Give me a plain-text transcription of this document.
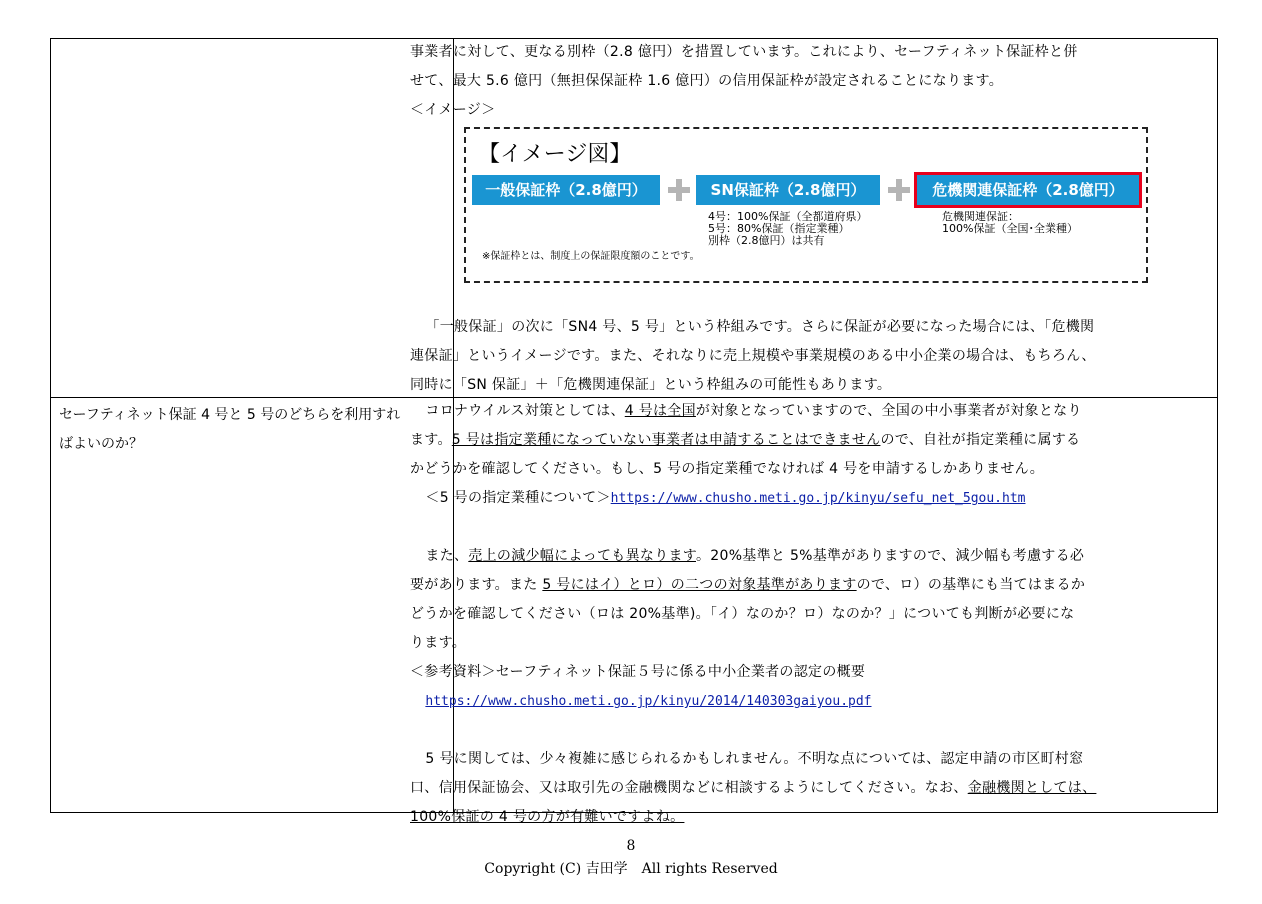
セーフティネット保証 4 号と 5 号のどちらを利用すれ

ばよいのか？

事業者に対して、更なる別枠（2.8 億円）を措置しています。これにより、セーフティネット保証枠と併

せて、最大 5.6 億円（無担保保証枠 1.6 億円）の信用保証枠が設定されることになります。

＜イメージ＞

【イメージ図】
一般保証枠（2.8億円）	SN保証枠（2.8億円）	危機関連保証枠（2.8億円）
4号：100%保証（全都道府県）
5号：80%保証（指定業種）
別枠（2.8億円）は共有
危機関連保証：
100%保証（全国･全業種）
※保証枠とは、制度上の保証限度額のことです。

「一般保証」の次に「SN4 号、5 号」という枠組みです。さらに保証が必要になった場合には、「危機関

連保証」というイメージです。また、それなりに売上規模や事業規模のある中小企業の場合は、もちろん、

同時に「SN 保証」＋「危機関連保証」という枠組みの可能性もあります。

コロナウイルス対策としては、4 号は全国が対象となっていますので、全国の中小事業者が対象となり

ます。5 号は指定業種になっていない事業者は申請することはできませんので、自社が指定業種に属する

かどうかを確認してください。もし、5 号の指定業種でなければ 4 号を申請するしかありません。

＜5 号の指定業種について＞https://www.chusho.meti.go.jp/kinyu/sefu_net_5gou.htm

また、売上の減少幅によっても異なります。20%基準と 5%基準がありますので、減少幅も考慮する必

要があります。また 5 号にはイ）とロ）の二つの対象基準がありますので、ロ）の基準にも当てはまるか

どうかを確認してください（ロは 20%基準)。「イ）なのか？ロ）なのか？」についても判断が必要にな

ります。

＜参考資料＞セーフティネット保証５号に係る中小企業者の認定の概要

https://www.chusho.meti.go.jp/kinyu/2014/140303gaiyou.pdf

5 号に関しては、少々複雑に感じられるかもしれません。不明な点については、認定申請の市区町村窓

口、信用保証協会、又は取引先の金融機関などに相談するようにしてください。なお、金融機関としては、

100%保証の 4 号の方が有難いですよね。

8
Copyright (C) 吉田学　All rights Reserved
